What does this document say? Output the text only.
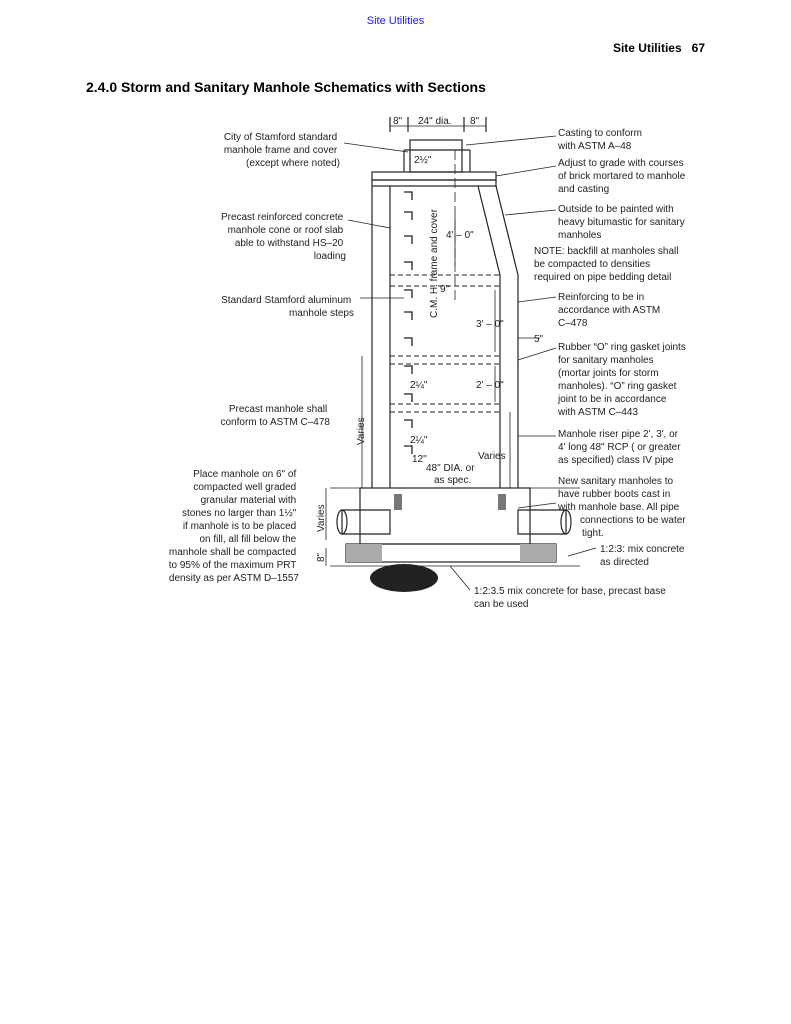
Site Utilities
Site Utilities 67
2.4.0 Storm and Sanitary Manhole Schematics with Sections
8" 24" dia. 8"
2½"
4' – 0"
9"
3' – 0"
5"
2¼"	2' – 0"
2¼"
12"	Varies
48" DIA. or
as spec.
Varies
Varies
8"
C.M. H. frame and cover
City of Stamford standard manhole frame and cover (except where noted)
Precast reinforced concrete manhole cone or roof slab able to withstand HS–20 loading
Standard Stamford aluminum manhole steps
Precast manhole shall conform to ASTM C–478
Place manhole on 6" of compacted well graded granular material with stones no larger than 1½" if manhole is to be placed on fill, all fill below the manhole shall be compacted to 95% of the maximum PRT density as per ASTM D–1557
Casting to conform with ASTM A–48
Adjust to grade with courses of brick mortared to manhole and casting
Outside to be painted with heavy bitumastic for sanitary manholes
NOTE: backfill at manholes shall be compacted to densities required on pipe bedding detail
Reinforcing to be in accordance with ASTM C–478
Rubber “O” ring gasket joints for sanitary manholes (mortar joints for storm manholes). “O” ring gasket joint to be in accordance with ASTM C–443
Manhole riser pipe 2', 3', or 4' long 48" RCP ( or greater as specified) class IV pipe
New sanitary manholes to have rubber boots cast in with manhole base. All pipe connections to be water tight.
1:2:3: mix concrete as directed
1:2:3.5 mix concrete for base, precast base can be used
